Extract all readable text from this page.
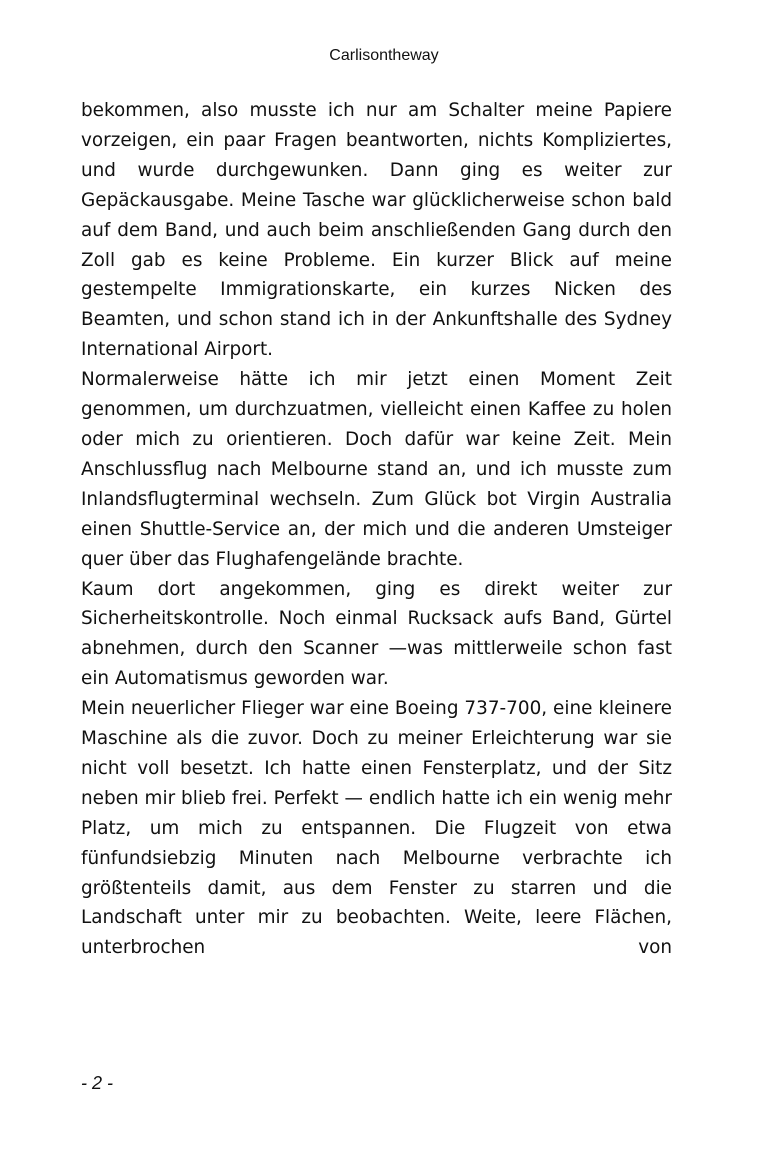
Carlisontheway

bekommen, also musste ich nur am Schalter meine Papiere vorzeigen, ein paar Fragen beantworten, nichts Kompliziertes, und wurde durchgewunken. Dann ging es weiter zur Gepäckausgabe. Meine Tasche war glücklicherweise schon bald auf dem Band, und auch beim anschließenden Gang durch den Zoll gab es keine Probleme. Ein kurzer Blick auf meine gestempelte Immigrationskarte, ein kurzes Nicken des Beamten, und schon stand ich in der Ankunftshalle des Sydney International Airport.

Normalerweise hätte ich mir jetzt einen Moment Zeit genommen, um durchzuatmen, vielleicht einen Kaffee zu holen oder mich zu orientieren. Doch dafür war keine Zeit. Mein Anschlussflug nach Melbourne stand an, und ich musste zum Inlandsflugterminal wechseln. Zum Glück bot Virgin Australia einen Shuttle-Service an, der mich und die anderen Umsteiger quer über das Flughafengelände brachte.

Kaum dort angekommen, ging es direkt weiter zur Sicherheitskontrolle. Noch einmal Rucksack aufs Band, Gürtel abnehmen, durch den Scanner —was mittlerweile schon fast ein Automatismus geworden war.

Mein neuerlicher Flieger war eine Boeing 737-700, eine kleinere Maschine als die zuvor. Doch zu meiner Erleichterung war sie nicht voll besetzt. Ich hatte einen Fensterplatz, und der Sitz neben mir blieb frei. Perfekt — endlich hatte ich ein wenig mehr Platz, um mich zu entspannen. Die Flugzeit von etwa fünfundsiebzig Minuten nach Melbourne verbrachte ich größtenteils damit, aus dem Fenster zu starren und die Landschaft unter mir zu beobachten. Weite, leere Flächen, unterbrochen von

- 2 -
